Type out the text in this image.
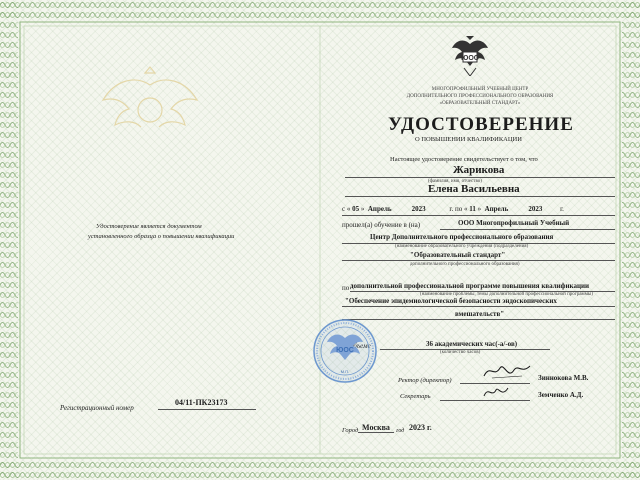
ЮОС
МНОГОПРОФИЛЬНЫЙ УЧЕБНЫЙ ЦЕНТР
ДОПОЛНИТЕЛЬНОГО ПРОФЕССИОНАЛЬНОГО ОБРАЗОВАНИЯ
«ОБРАЗОВАТЕЛЬНЫЙ СТАНДАРТ»
УДОСТОВЕРЕНИЕ
О ПОВЫШЕНИИ КВАЛИФИКАЦИИ
Настоящее удостоверение свидетельствует о том, что
Жарикова
(фамилия, имя, отчество)
Елена Васильевна
с « 05 »  Апрель	2023	г. по « 11 »  Апрель	2023	г.
прошел(а) обучение в (на)	ООО Многопрофильный Учебный
Центр Дополнительного профессионального образования
(наименование образовательного учреждения (подразделения)
"Образовательный стандарт"
дополнительного профессионального образования)
по дополнительной профессиональной программе повышения квалификации
(наименование проблемы, темы дополнительной профессиональной программы)
"Обеспечение эпидемиологической безопасности эндоскопических
вмешательств"
36 академических час(-а/-ов)
(количество часов)
ЮОС
М.П.
Удостоверение является документом
установленного образца о повышении квалификации
Регистрационный номер
04/11-ПК23173
Ректор (директор)	Зиннокова М.В.
Секретарь	Земченко А.Д.
Город Москва год 2023 г.
